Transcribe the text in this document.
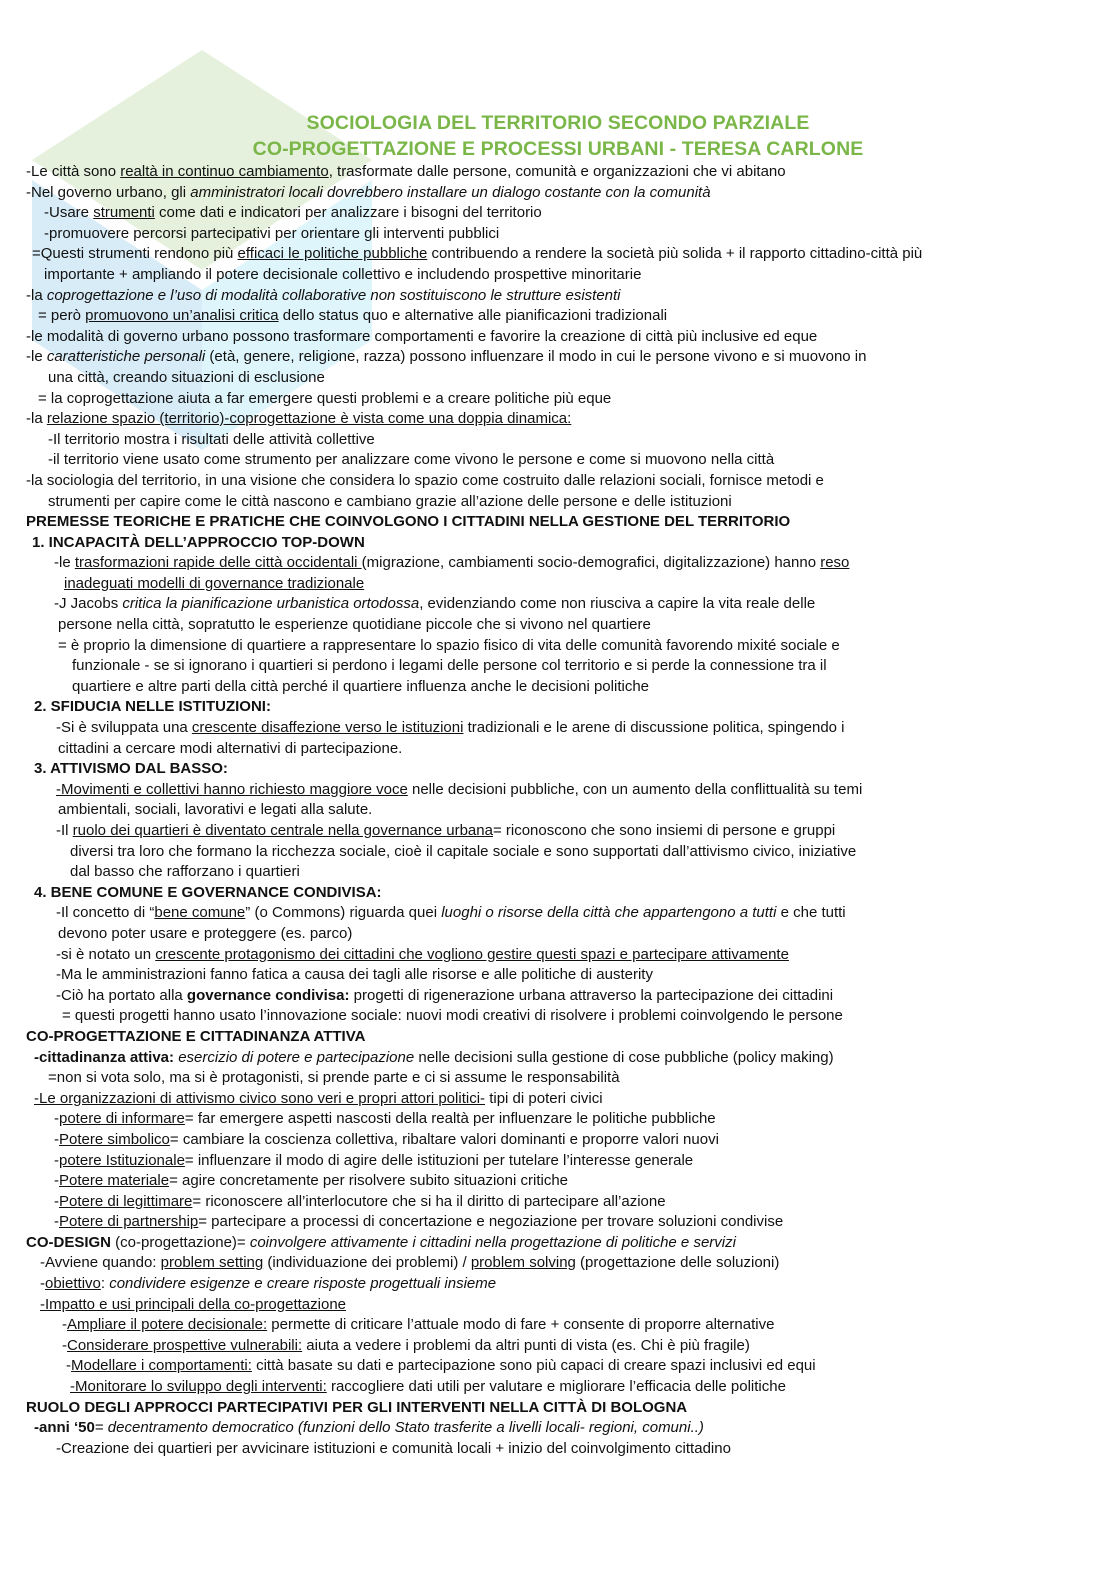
SOCIOLOGIA DEL TERRITORIO SECONDO PARZIALE
CO-PROGETTAZIONE E PROCESSI URBANI - TERESA CARLONE
-Le città sono realtà in continuo cambiamento, trasformate dalle persone, comunità e organizzazioni che vi abitano
-Nel governo urbano, gli amministratori locali dovrebbero installare un dialogo costante con la comunità
-Usare strumenti come dati e indicatori per analizzare i bisogni del territorio
-promuovere percorsi partecipativi per orientare gli interventi pubblici
=Questi strumenti rendono più efficaci le politiche pubbliche contribuendo a rendere la società più solida + il rapporto cittadino-città più
importante + ampliando il potere decisionale collettivo e includendo prospettive minoritarie
-la coprogettazione e l’uso di modalità collaborative non sostituiscono le strutture esistenti
= però promuovono un’analisi critica dello status quo e alternative alle pianificazioni tradizionali
-le modalità di governo urbano possono trasformare comportamenti e favorire la creazione di città più inclusive ed eque
-le caratteristiche personali (età, genere, religione, razza) possono influenzare il modo in cui le persone vivono e si muovono in
una città, creando situazioni di esclusione
= la coprogettazione aiuta a far emergere questi problemi e a creare politiche più eque
-la relazione spazio (territorio)-coprogettazione è vista come una doppia dinamica:
-Il territorio mostra i risultati delle attività collettive
-il territorio viene usato come strumento per analizzare come vivono le persone e come si muovono nella città
-la sociologia del territorio, in una visione che considera lo spazio come costruito dalle relazioni sociali, fornisce metodi e
strumenti per capire come le città nascono e cambiano grazie all’azione delle persone e delle istituzioni
PREMESSE TEORICHE E PRATICHE CHE COINVOLGONO I CITTADINI NELLA GESTIONE DEL TERRITORIO
1. INCAPACITÀ DELL’APPROCCIO TOP-DOWN
-le trasformazioni rapide delle città occidentali (migrazione, cambiamenti socio-demografici, digitalizzazione) hanno reso
inadeguati modelli di governance tradizionale
-J Jacobs critica la pianificazione urbanistica ortodossa, evidenziando come non riusciva a capire la vita reale delle
persone nella città, sopratutto le esperienze quotidiane piccole che si vivono nel quartiere
= è proprio la dimensione di quartiere a rappresentare lo spazio fisico di vita delle comunità favorendo mixité sociale e
funzionale - se si ignorano i quartieri si perdono i legami delle persone col territorio e si perde la connessione tra il
quartiere e altre parti della città perché il quartiere influenza anche le decisioni politiche
2. SFIDUCIA NELLE ISTITUZIONI:
-Si è sviluppata una crescente disaffezione verso le istituzioni tradizionali e le arene di discussione politica, spingendo i
cittadini a cercare modi alternativi di partecipazione.
3. ATTIVISMO DAL BASSO:
-Movimenti e collettivi hanno richiesto maggiore voce nelle decisioni pubbliche, con un aumento della conflittualità su temi
ambientali, sociali, lavorativi e legati alla salute.
-Il ruolo dei quartieri è diventato centrale nella governance urbana= riconoscono che sono insiemi di persone e gruppi
diversi tra loro che formano la ricchezza sociale, cioè il capitale sociale e sono supportati dall’attivismo civico, iniziative
dal basso che rafforzano i quartieri
4. BENE COMUNE E GOVERNANCE CONDIVISA:
-Il concetto di “bene comune” (o Commons) riguarda quei luoghi o risorse della città che appartengono a tutti e che tutti
devono poter usare e proteggere (es. parco)
-si è notato un crescente protagonismo dei cittadini che vogliono gestire questi spazi e partecipare attivamente
-Ma le amministrazioni fanno fatica a causa dei tagli alle risorse e alle politiche di austerity
-Ciò ha portato alla governance condivisa: progetti di rigenerazione urbana attraverso la partecipazione dei cittadini
= questi progetti hanno usato l’innovazione sociale: nuovi modi creativi di risolvere i problemi coinvolgendo le persone
CO-PROGETTAZIONE E CITTADINANZA ATTIVA
-cittadinanza attiva: esercizio di potere e partecipazione nelle decisioni sulla gestione di cose pubbliche (policy making)
=non si vota solo, ma si è protagonisti, si prende parte e ci si assume le responsabilità
-Le organizzazioni di attivismo civico sono veri e propri attori politici- tipi di poteri civici
-potere di informare= far emergere aspetti nascosti della realtà per influenzare le politiche pubbliche
-Potere simbolico= cambiare la coscienza collettiva, ribaltare valori dominanti e proporre valori nuovi
-potere Istituzionale= influenzare il modo di agire delle istituzioni per tutelare l’interesse generale
-Potere materiale= agire concretamente per risolvere subito situazioni critiche
-Potere di legittimare= riconoscere all’interlocutore che si ha il diritto di partecipare all’azione
-Potere di partnership= partecipare a processi di concertazione e negoziazione per trovare soluzioni condivise
CO-DESIGN (co-progettazione)= coinvolgere attivamente i cittadini nella progettazione di politiche e servizi
-Avviene quando: problem setting (individuazione dei problemi) / problem solving (progettazione delle soluzioni)
-obiettivo: condividere esigenze e creare risposte progettuali insieme
-Impatto e usi principali della co-progettazione
-Ampliare il potere decisionale: permette di criticare l’attuale modo di fare + consente di proporre alternative
-Considerare prospettive vulnerabili: aiuta a vedere i problemi da altri punti di vista (es. Chi è più fragile)
-Modellare i comportamenti: città basate su dati e partecipazione sono più capaci di creare spazi inclusivi ed equi
-Monitorare lo sviluppo degli interventi: raccogliere dati utili per valutare e migliorare l’efficacia delle politiche
RUOLO DEGLI APPROCCI PARTECIPATIVI PER GLI INTERVENTI NELLA CITTÀ DI BOLOGNA
-anni ‘50= decentramento democratico (funzioni dello Stato trasferite a livelli locali- regioni, comuni..)
-Creazione dei quartieri per avvicinare istituzioni e comunità locali + inizio del coinvolgimento cittadino
